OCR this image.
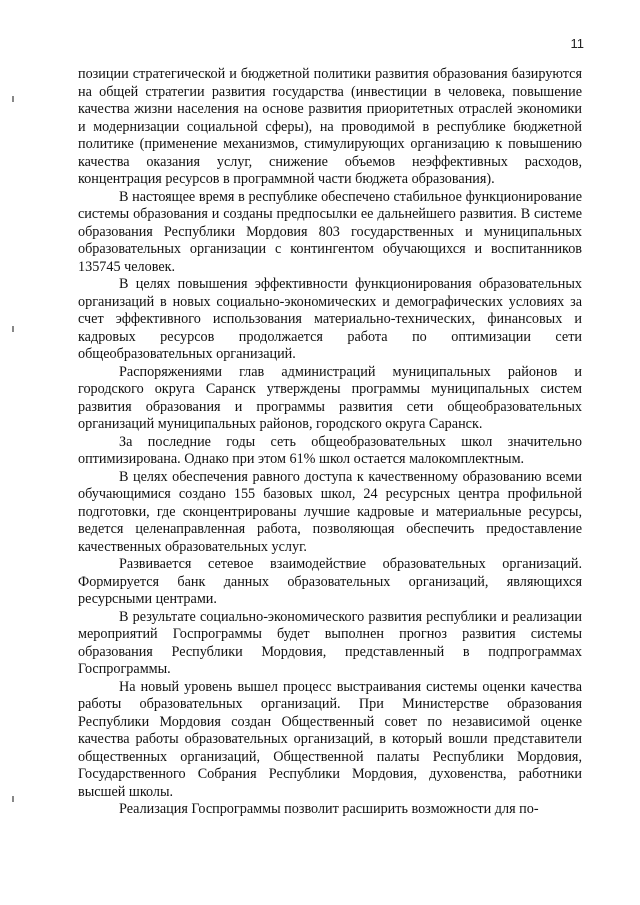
11

позиции стратегической и бюджетной политики развития образования базируются на общей стратегии развития государства (инвестиции в человека, повышение качества жизни населения на основе развития приоритетных отраслей экономики и модернизации социальной сферы), на проводимой в республике бюджетной политике (применение механизмов, стимулирующих организацию к повышению качества оказания услуг, снижение объемов неэффективных расходов, концентрация ресурсов в программной части бюджета образования).

В настоящее время в республике обеспечено стабильное функционирование системы образования и созданы предпосылки ее дальнейшего развития. В системе образования Республики Мордовия 803 государственных и муниципальных образовательных организации с контингентом обучающихся и воспитанников 135745 человек.

В целях повышения эффективности функционирования образовательных организаций в новых социально-экономических и демографических условиях за счет эффективного использования материально-технических, финансовых и кадровых ресурсов продолжается работа по оптимизации сети общеобразовательных организаций.

Распоряжениями глав администраций муниципальных районов и городского округа Саранск утверждены программы муниципальных систем развития образования и программы развития сети общеобразовательных организаций муниципальных районов, городского округа Саранск.

За последние годы сеть общеобразовательных школ значительно оптимизирована. Однако при этом 61% школ остается малокомплектным.

В целях обеспечения равного доступа к качественному образованию всеми обучающимися создано 155 базовых школ, 24 ресурсных центра профильной подготовки, где сконцентрированы лучшие кадровые и материальные ресурсы, ведется целенаправленная работа, позволяющая обеспечить предоставление качественных образовательных услуг.

Развивается сетевое взаимодействие образовательных организаций. Формируется банк данных образовательных организаций, являющихся ресурсными центрами.

В результате социально-экономического развития республики и реализации мероприятий Госпрограммы будет выполнен прогноз развития системы образования Республики Мордовия, представленный в подпрограммах Госпрограммы.

На новый уровень вышел процесс выстраивания системы оценки качества работы образовательных организаций. При Министерстве образования Республики Мордовия создан Общественный совет по независимой оценке качества работы образовательных организаций, в который вошли представители общественных организаций, Общественной палаты Республики Мордовия, Государственного Собрания Республики Мордовия, духовенства, работники высшей школы.

Реализация Госпрограммы позволит расширить возможности для по-
